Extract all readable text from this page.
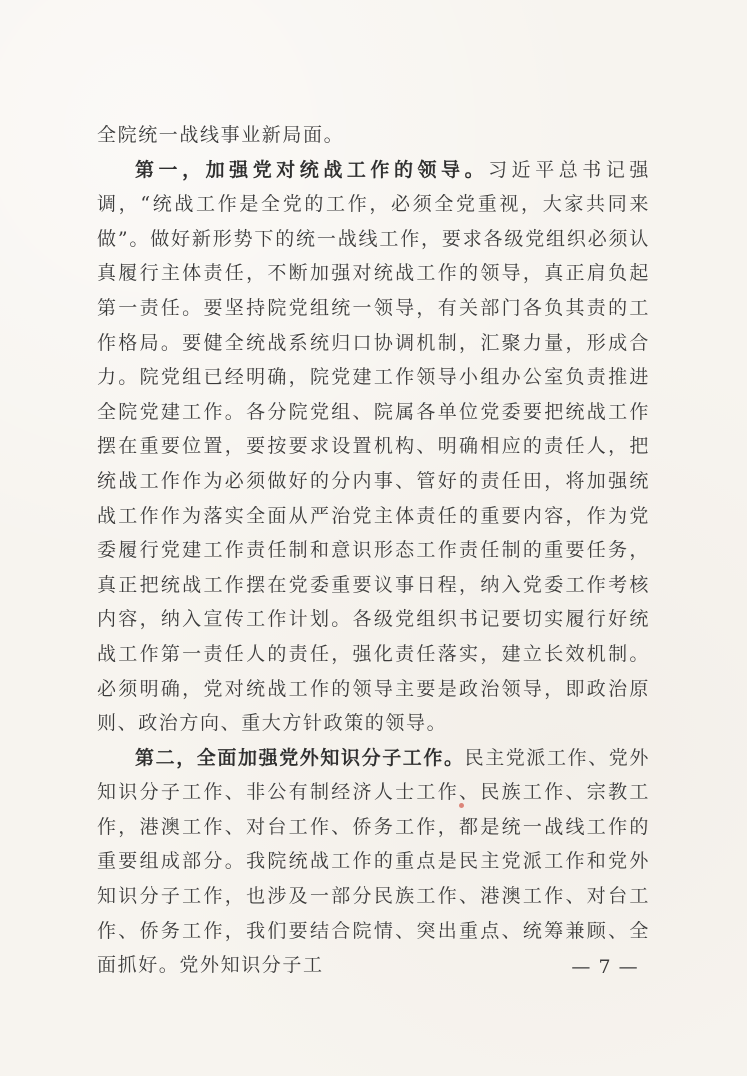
全院统一战线事业新局面。

第一，加强党对统战工作的领导。习近平总书记强调，“统战工作是全党的工作，必须全党重视，大家共同来做”。做好新形势下的统一战线工作，要求各级党组织必须认真履行主体责任，不断加强对统战工作的领导，真正肩负起第一责任。要坚持院党组统一领导，有关部门各负其责的工作格局。要健全统战系统归口协调机制，汇聚力量，形成合力。院党组已经明确，院党建工作领导小组办公室负责推进全院党建工作。各分院党组、院属各单位党委要把统战工作摆在重要位置，要按要求设置机构、明确相应的责任人，把统战工作作为必须做好的分内事、管好的责任田，将加强统战工作作为落实全面从严治党主体责任的重要内容，作为党委履行党建工作责任制和意识形态工作责任制的重要任务，真正把统战工作摆在党委重要议事日程，纳入党委工作考核内容，纳入宣传工作计划。各级党组织书记要切实履行好统战工作第一责任人的责任，强化责任落实，建立长效机制。必须明确，党对统战工作的领导主要是政治领导，即政治原则、政治方向、重大方针政策的领导。

第二，全面加强党外知识分子工作。民主党派工作、党外知识分子工作、非公有制经济人士工作、民族工作、宗教工作，港澳工作、对台工作、侨务工作，都是统一战线工作的重要组成部分。我院统战工作的重点是民主党派工作和党外知识分子工作，也涉及一部分民族工作、港澳工作、对台工作、侨务工作，我们要结合院情、突出重点、统筹兼顾、全面抓好。党外知识分子工	— 7 —
